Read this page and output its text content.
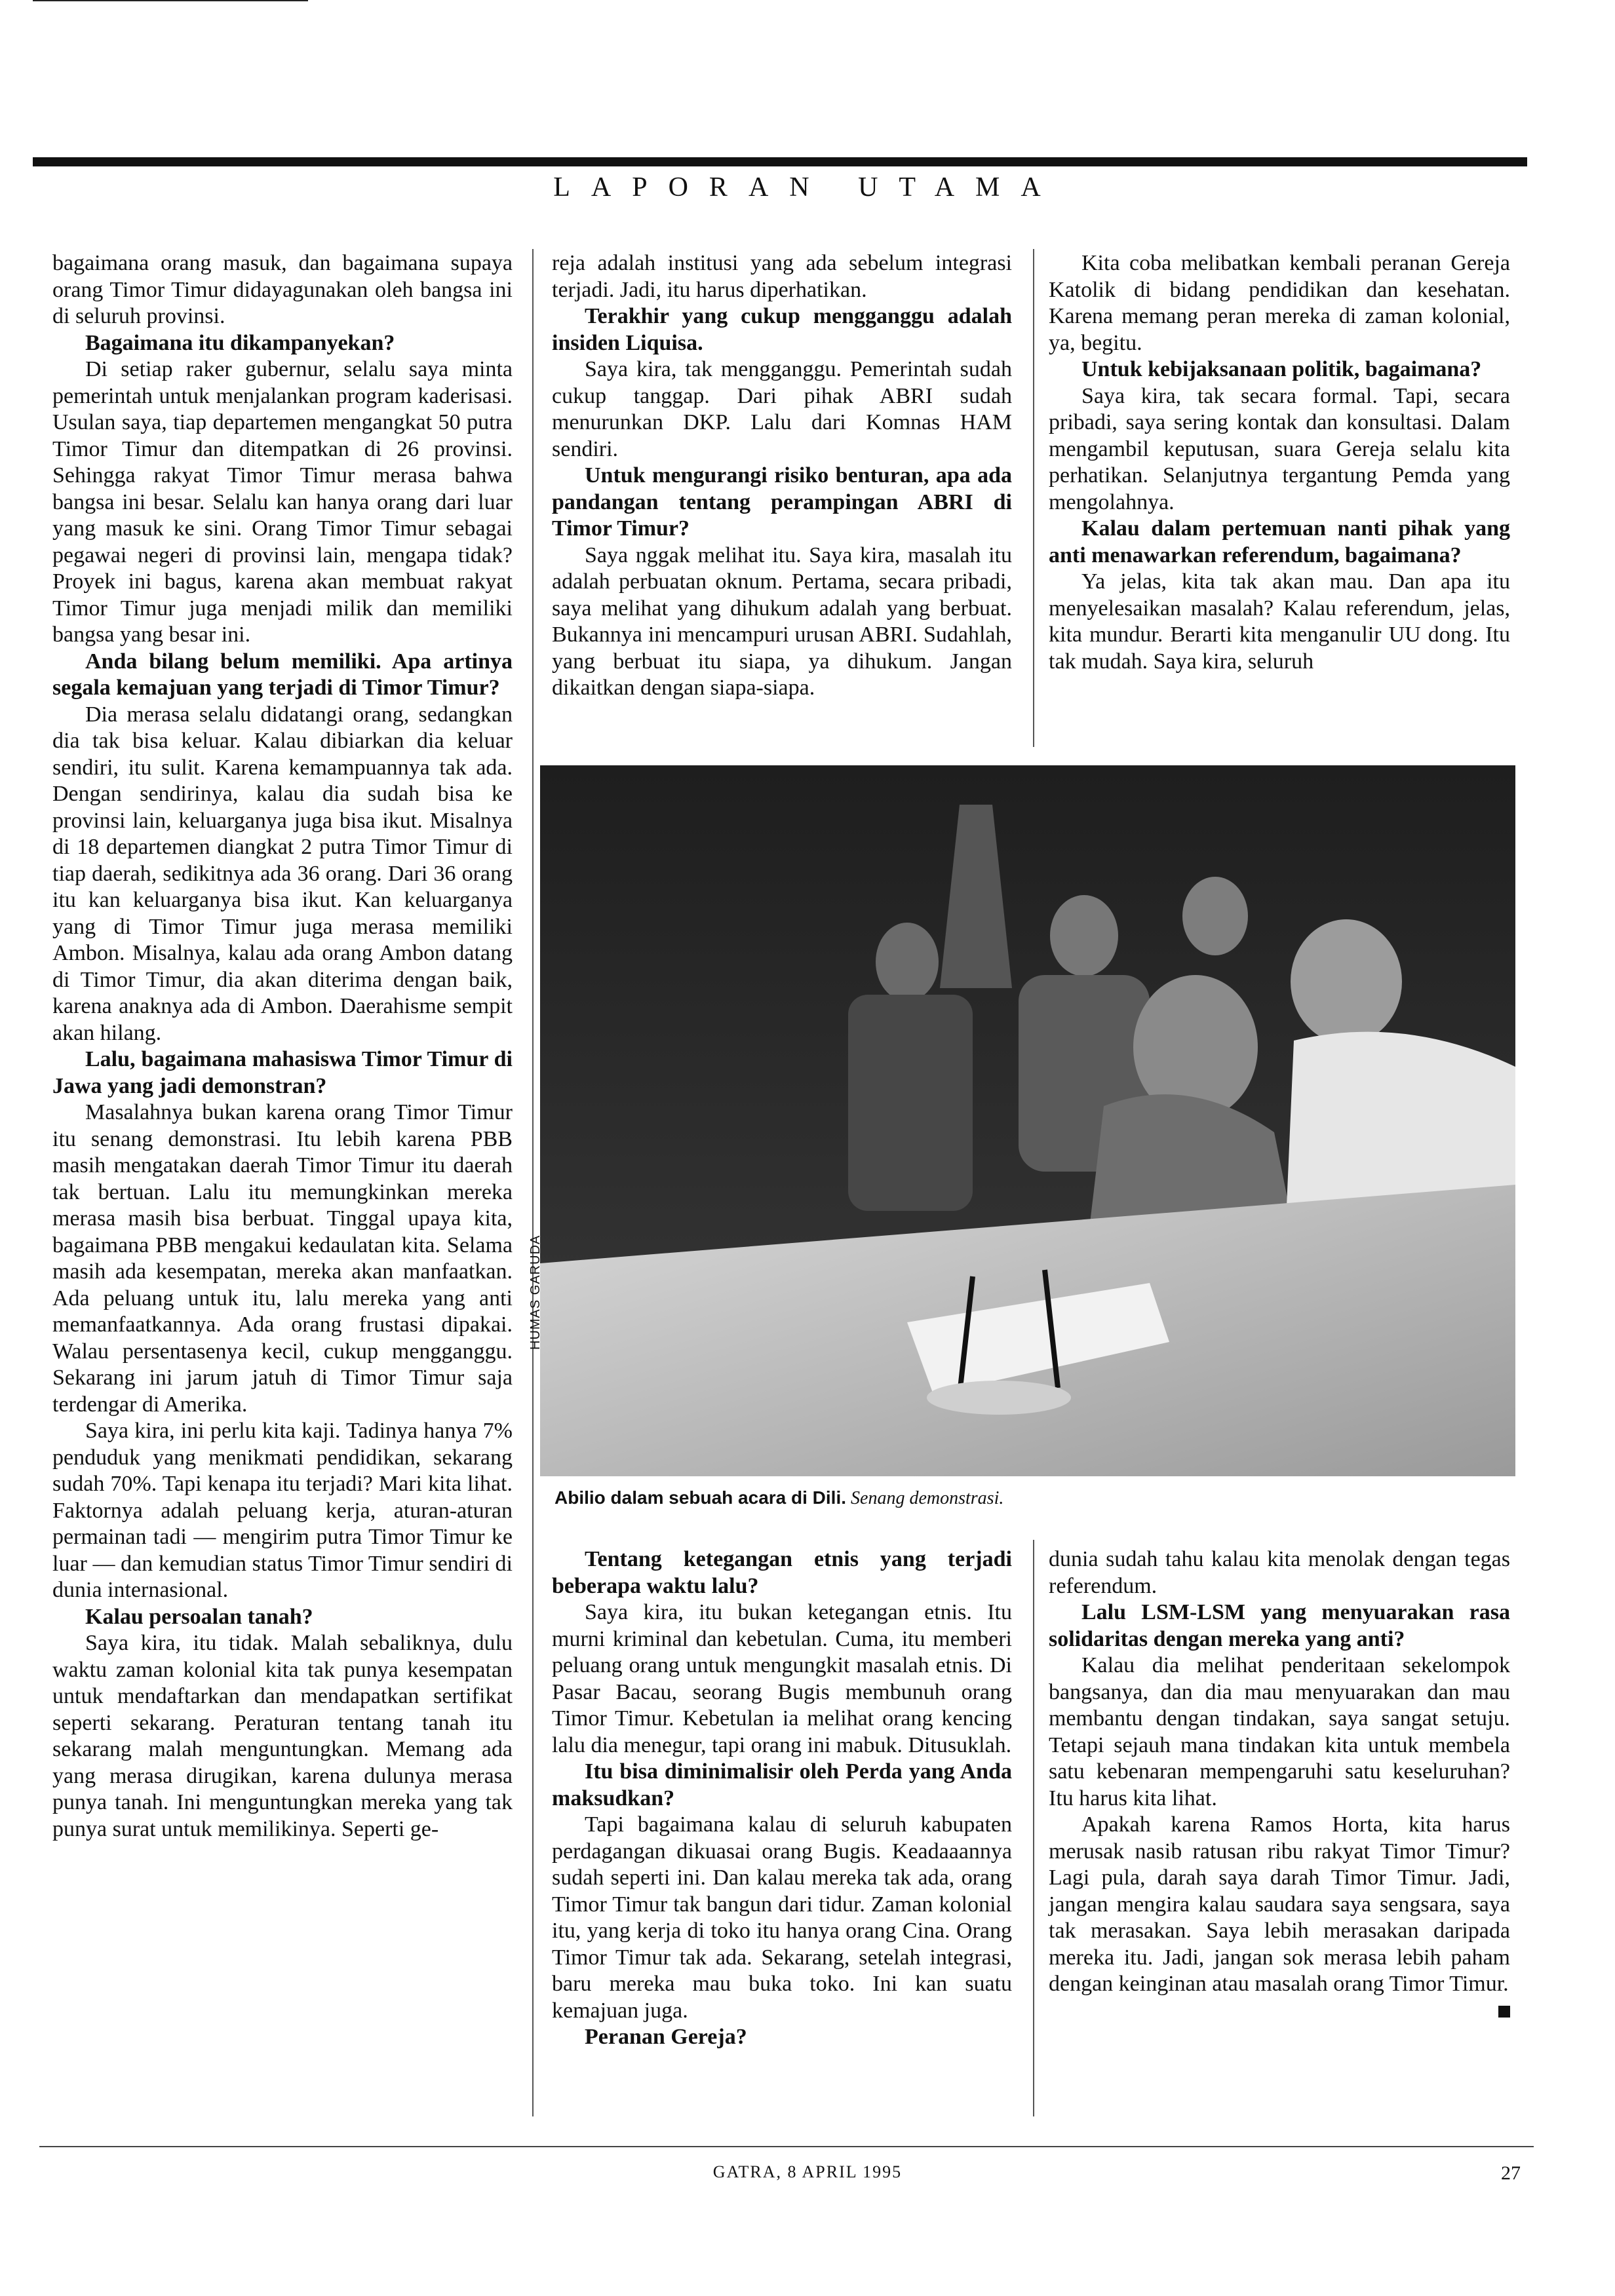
LAPORAN UTAMA

bagaimana orang masuk, dan bagaimana supaya orang Timor Timur didayagunakan oleh bangsa ini di seluruh provinsi.

Bagaimana itu dikampanyekan?

Di setiap raker gubernur, selalu saya minta pemerintah untuk menjalankan program kaderisasi. Usulan saya, tiap departemen mengangkat 50 putra Timor Timur dan ditempatkan di 26 provinsi. Sehingga rakyat Timor Timur merasa bahwa bangsa ini besar. Selalu kan hanya orang dari luar yang masuk ke sini. Orang Timor Timur sebagai pegawai negeri di provinsi lain, mengapa tidak? Proyek ini bagus, karena akan membuat rakyat Timor Timur juga menjadi milik dan memiliki bangsa yang besar ini.

Anda bilang belum memiliki. Apa artinya segala kemajuan yang terjadi di Timor Timur?

Dia merasa selalu didatangi orang, sedangkan dia tak bisa keluar. Kalau dibiarkan dia keluar sendiri, itu sulit. Karena kemampuannya tak ada. Dengan sendirinya, kalau dia sudah bisa ke provinsi lain, keluarganya juga bisa ikut. Misalnya di 18 departemen diangkat 2 putra Timor Timur di tiap daerah, sedikitnya ada 36 orang. Dari 36 orang itu kan keluarganya bisa ikut. Kan keluarganya yang di Timor Timur juga merasa memiliki Ambon. Misalnya, kalau ada orang Ambon datang di Timor Timur, dia akan diterima dengan baik, karena anaknya ada di Ambon. Daerahisme sempit akan hilang.

Lalu, bagaimana mahasiswa Timor Timur di Jawa yang jadi demonstran?

Masalahnya bukan karena orang Timor Timur itu senang demonstrasi. Itu lebih karena PBB masih mengatakan daerah Timor Timur itu daerah tak bertuan. Lalu itu memungkinkan mereka merasa masih bisa berbuat. Tinggal upaya kita, bagaimana PBB mengakui kedaulatan kita. Selama masih ada kesempatan, mereka akan manfaatkan. Ada peluang untuk itu, lalu mereka yang anti memanfaatkannya. Ada orang frustasi dipakai. Walau persentasenya kecil, cukup mengganggu. Sekarang ini jarum jatuh di Timor Timur saja terdengar di Amerika.

Saya kira, ini perlu kita kaji. Tadinya hanya 7% penduduk yang menikmati pendidikan, sekarang sudah 70%. Tapi kenapa itu terjadi? Mari kita lihat. Faktornya adalah peluang kerja, aturan-aturan permainan tadi — mengirim putra Timor Timur ke luar — dan kemudian status Timor Timur sendiri di dunia internasional.

Kalau persoalan tanah?

Saya kira, itu tidak. Malah sebaliknya, dulu waktu zaman kolonial kita tak punya kesempatan untuk mendaftarkan dan mendapatkan sertifikat seperti sekarang. Peraturan tentang tanah itu sekarang malah menguntungkan. Memang ada yang merasa dirugikan, karena dulunya merasa punya tanah. Ini menguntungkan mereka yang tak punya surat untuk memilikinya. Seperti ge-

reja adalah institusi yang ada sebelum integrasi terjadi. Jadi, itu harus diperhatikan.

Terakhir yang cukup mengganggu adalah insiden Liquisa.

Saya kira, tak mengganggu. Pemerintah sudah cukup tanggap. Dari pihak ABRI sudah menurunkan DKP. Lalu dari Komnas HAM sendiri.

Untuk mengurangi risiko benturan, apa ada pandangan tentang perampingan ABRI di Timor Timur?

Saya nggak melihat itu. Saya kira, masalah itu adalah perbuatan oknum. Pertama, secara pribadi, saya melihat yang dihukum adalah yang berbuat. Bukannya ini mencampuri urusan ABRI. Sudahlah, yang berbuat itu siapa, ya dihukum. Jangan dikaitkan dengan siapa-siapa.

Kita coba melibatkan kembali peranan Gereja Katolik di bidang pendidikan dan kesehatan. Karena memang peran mereka di zaman kolonial, ya, begitu.

Untuk kebijaksanaan politik, bagaimana?

Saya kira, tak secara formal. Tapi, secara pribadi, saya sering kontak dan konsultasi. Dalam mengambil keputusan, suara Gereja selalu kita perhatikan. Selanjutnya tergantung Pemda yang mengolahnya.

Kalau dalam pertemuan nanti pihak yang anti menawarkan referendum, bagaimana?

Ya jelas, kita tak akan mau. Dan apa itu menyelesaikan masalah? Kalau referendum, jelas, kita mundur. Berarti kita menganulir UU dong. Itu tak mudah. Saya kira, seluruh

HUMAS GARUDA
Abilio dalam sebuah acara di Dili. Senang demonstrasi.

Tentang ketegangan etnis yang terjadi beberapa waktu lalu?

Saya kira, itu bukan ketegangan etnis. Itu murni kriminal dan kebetulan. Cuma, itu memberi peluang orang untuk mengungkit masalah etnis. Di Pasar Bacau, seorang Bugis membunuh orang Timor Timur. Kebetulan ia melihat orang kencing lalu dia menegur, tapi orang ini mabuk. Ditusuklah.

Itu bisa diminimalisir oleh Perda yang Anda maksudkan?

Tapi bagaimana kalau di seluruh kabupaten perdagangan dikuasai orang Bugis. Keadaaannya sudah seperti ini. Dan kalau mereka tak ada, orang Timor Timur tak bangun dari tidur. Zaman kolonial itu, yang kerja di toko itu hanya orang Cina. Orang Timor Timur tak ada. Sekarang, setelah integrasi, baru mereka mau buka toko. Ini kan suatu kemajuan juga.

Peranan Gereja?

dunia sudah tahu kalau kita menolak dengan tegas referendum.

Lalu LSM-LSM yang menyuarakan rasa solidaritas dengan mereka yang anti?

Kalau dia melihat penderitaan sekelompok bangsanya, dan dia mau menyuarakan dan mau membantu dengan tindakan, saya sangat setuju. Tetapi sejauh mana tindakan kita untuk membela satu kebenaran mempengaruhi satu keseluruhan? Itu harus kita lihat.

Apakah karena Ramos Horta, kita harus merusak nasib ratusan ribu rakyat Timor Timur? Lagi pula, darah saya darah Timor Timur. Jadi, jangan mengira kalau saudara saya sengsara, saya tak merasakan. Saya lebih merasakan daripada mereka itu. Jadi, jangan sok merasa lebih paham dengan keinginan atau masalah orang Timor Timur.

GATRA, 8 APRIL 1995	27
